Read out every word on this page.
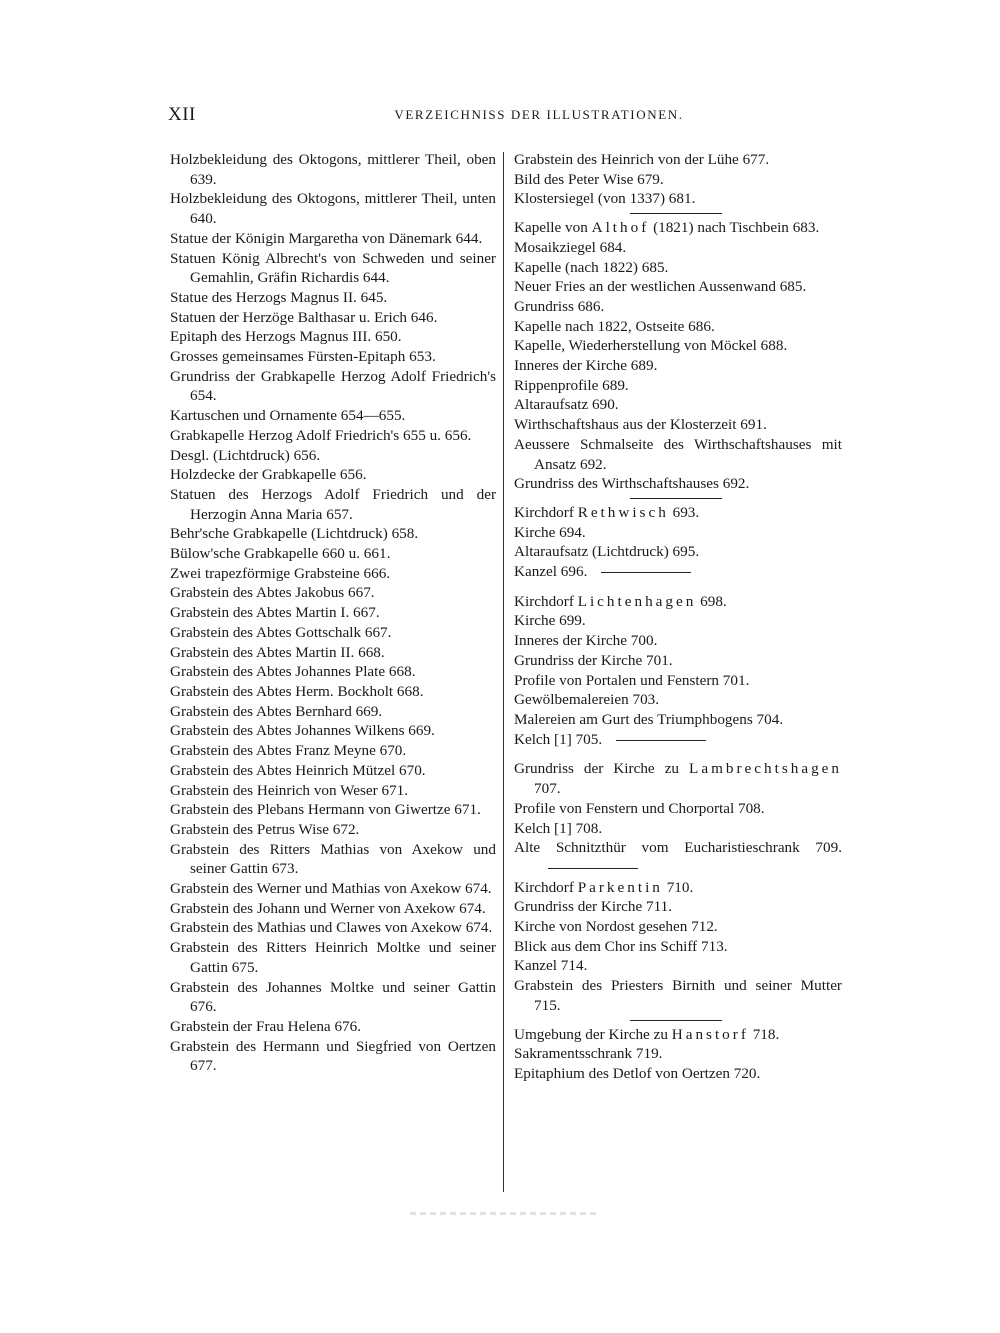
XII	VERZEICHNISS DER ILLUSTRATIONEN.
Holzbekleidung des Oktogons, mittlerer Theil, oben 639.
Holzbekleidung des Oktogons, mittlerer Theil, unten 640.
Statue der Königin Margaretha von Dänemark 644.
Statuen König Albrecht's von Schweden und seiner Gemahlin, Gräfin Richardis 644.
Statue des Herzogs Magnus II. 645.
Statuen der Herzöge Balthasar u. Erich 646.
Epitaph des Herzogs Magnus III. 650.
Grosses gemeinsames Fürsten-Epitaph 653.
Grundriss der Grabkapelle Herzog Adolf Friedrich's 654.
Kartuschen und Ornamente 654—655.
Grabkapelle Herzog Adolf Friedrich's 655 u. 656.
Desgl. (Lichtdruck) 656.
Holzdecke der Grabkapelle 656.
Statuen des Herzogs Adolf Friedrich und der Herzogin Anna Maria 657.
Behr'sche Grabkapelle (Lichtdruck) 658.
Bülow'sche Grabkapelle 660 u. 661.
Zwei trapezförmige Grabsteine 666.
Grabstein des Abtes Jakobus 667.
Grabstein des Abtes Martin I. 667.
Grabstein des Abtes Gottschalk 667.
Grabstein des Abtes Martin II. 668.
Grabstein des Abtes Johannes Plate 668.
Grabstein des Abtes Herm. Bockholt 668.
Grabstein des Abtes Bernhard 669.
Grabstein des Abtes Johannes Wilkens 669.
Grabstein des Abtes Franz Meyne 670.
Grabstein des Abtes Heinrich Mützel 670.
Grabstein des Heinrich von Weser 671.
Grabstein des Plebans Hermann von Giwertze 671.
Grabstein des Petrus Wise 672.
Grabstein des Ritters Mathias von Axekow und seiner Gattin 673.
Grabstein des Werner und Mathias von Axekow 674.
Grabstein des Johann und Werner von Axekow 674.
Grabstein des Mathias und Clawes von Axekow 674.
Grabstein des Ritters Heinrich Moltke und seiner Gattin 675.
Grabstein des Johannes Moltke und seiner Gattin 676.
Grabstein der Frau Helena 676.
Grabstein des Hermann und Siegfried von Oertzen 677.
Grabstein des Heinrich von der Lühe 677.
Bild des Peter Wise 679.
Klostersiegel (von 1337) 681.
Kapelle von Althof (1821) nach Tischbein 683.
Mosaikziegel 684.
Kapelle (nach 1822) 685.
Neuer Fries an der westlichen Aussenwand 685.
Grundriss 686.
Kapelle nach 1822, Ostseite 686.
Kapelle, Wiederherstellung von Möckel 688.
Inneres der Kirche 689.
Rippenprofile 689.
Altaraufsatz 690.
Wirthschaftshaus aus der Klosterzeit 691.
Aeussere Schmalseite des Wirthschaftshauses mit Ansatz 692.
Grundriss des Wirthschaftshauses 692.
Kirchdorf Rethwisch 693.
Kirche 694.
Altaraufsatz (Lichtdruck) 695.
Kanzel 696.
Kirchdorf Lichtenhagen 698.
Kirche 699.
Inneres der Kirche 700.
Grundriss der Kirche 701.
Profile von Portalen und Fenstern 701.
Gewölbemalereien 703.
Malereien am Gurt des Triumphbogens 704.
Kelch [1] 705.
Grundriss der Kirche zu Lambrechtshagen 707.
Profile von Fenstern und Chorportal 708.
Kelch [1] 708.
Alte Schnitzthür vom Eucharistieschrank 709.
Kirchdorf Parkentin 710.
Grundriss der Kirche 711.
Kirche von Nordost gesehen 712.
Blick aus dem Chor ins Schiff 713.
Kanzel 714.
Grabstein des Priesters Birnith und seiner Mutter 715.
Umgebung der Kirche zu Hanstorf 718.
Sakramentsschrank 719.
Epitaphium des Detlof von Oertzen 720.
